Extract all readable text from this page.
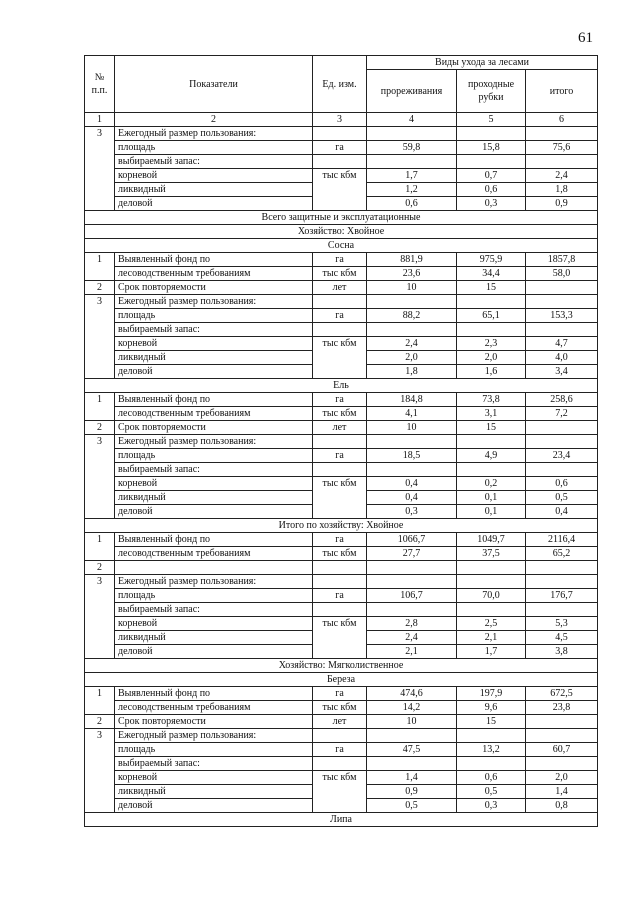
61
№ п.п.	Показатели	Ед. изм.	Виды ухода за лесами		
			прореживания	проходные рубки	итого
1	2	3	4	5	6
3	Ежегодный размер пользования:				
	площадь	га	59,8	15,8	75,6
	выбираемый запас:				
	корневой	тыс кбм	1,7	0,7	2,4
	ликвидный		1,2	0,6	1,8
	деловой		0,6	0,3	0,9
Всего защитные и эксплуатационные					
Хозяйство: Хвойное					
Сосна					
1	Выявленный фонд по	га	881,9	975,9	1857,8
	лесоводственным требованиям	тыс кбм	23,6	34,4	58,0
2	Срок повторяемости	лет	10	15	
3	Ежегодный размер пользования:				
	площадь	га	88,2	65,1	153,3
	выбираемый запас:				
	корневой	тыс кбм	2,4	2,3	4,7
	ликвидный		2,0	2,0	4,0
	деловой		1,8	1,6	3,4
Ель					
1	Выявленный фонд по	га	184,8	73,8	258,6
	лесоводственным требованиям	тыс кбм	4,1	3,1	7,2
2	Срок повторяемости	лет	10	15	
3	Ежегодный размер пользования:				
	площадь	га	18,5	4,9	23,4
	выбираемый запас:				
	корневой	тыс кбм	0,4	0,2	0,6
	ликвидный		0,4	0,1	0,5
	деловой		0,3	0,1	0,4
Итого по хозяйству: Хвойное					
1	Выявленный фонд по	га	1066,7	1049,7	2116,4
	лесоводственным требованиям	тыс кбм	27,7	37,5	65,2
2					
3	Ежегодный размер пользования:				
	площадь	га	106,7	70,0	176,7
	выбираемый запас:				
	корневой	тыс кбм	2,8	2,5	5,3
	ликвидный		2,4	2,1	4,5
	деловой		2,1	1,7	3,8
Хозяйство: Мягколиственное					
Береза					
1	Выявленный фонд по	га	474,6	197,9	672,5
	лесоводственным требованиям	тыс кбм	14,2	9,6	23,8
2	Срок повторяемости	лет	10	15	
3	Ежегодный размер пользования:				
	площадь	га	47,5	13,2	60,7
	выбираемый запас:				
	корневой	тыс кбм	1,4	0,6	2,0
	ликвидный		0,9	0,5	1,4
	деловой		0,5	0,3	0,8
Липа					
